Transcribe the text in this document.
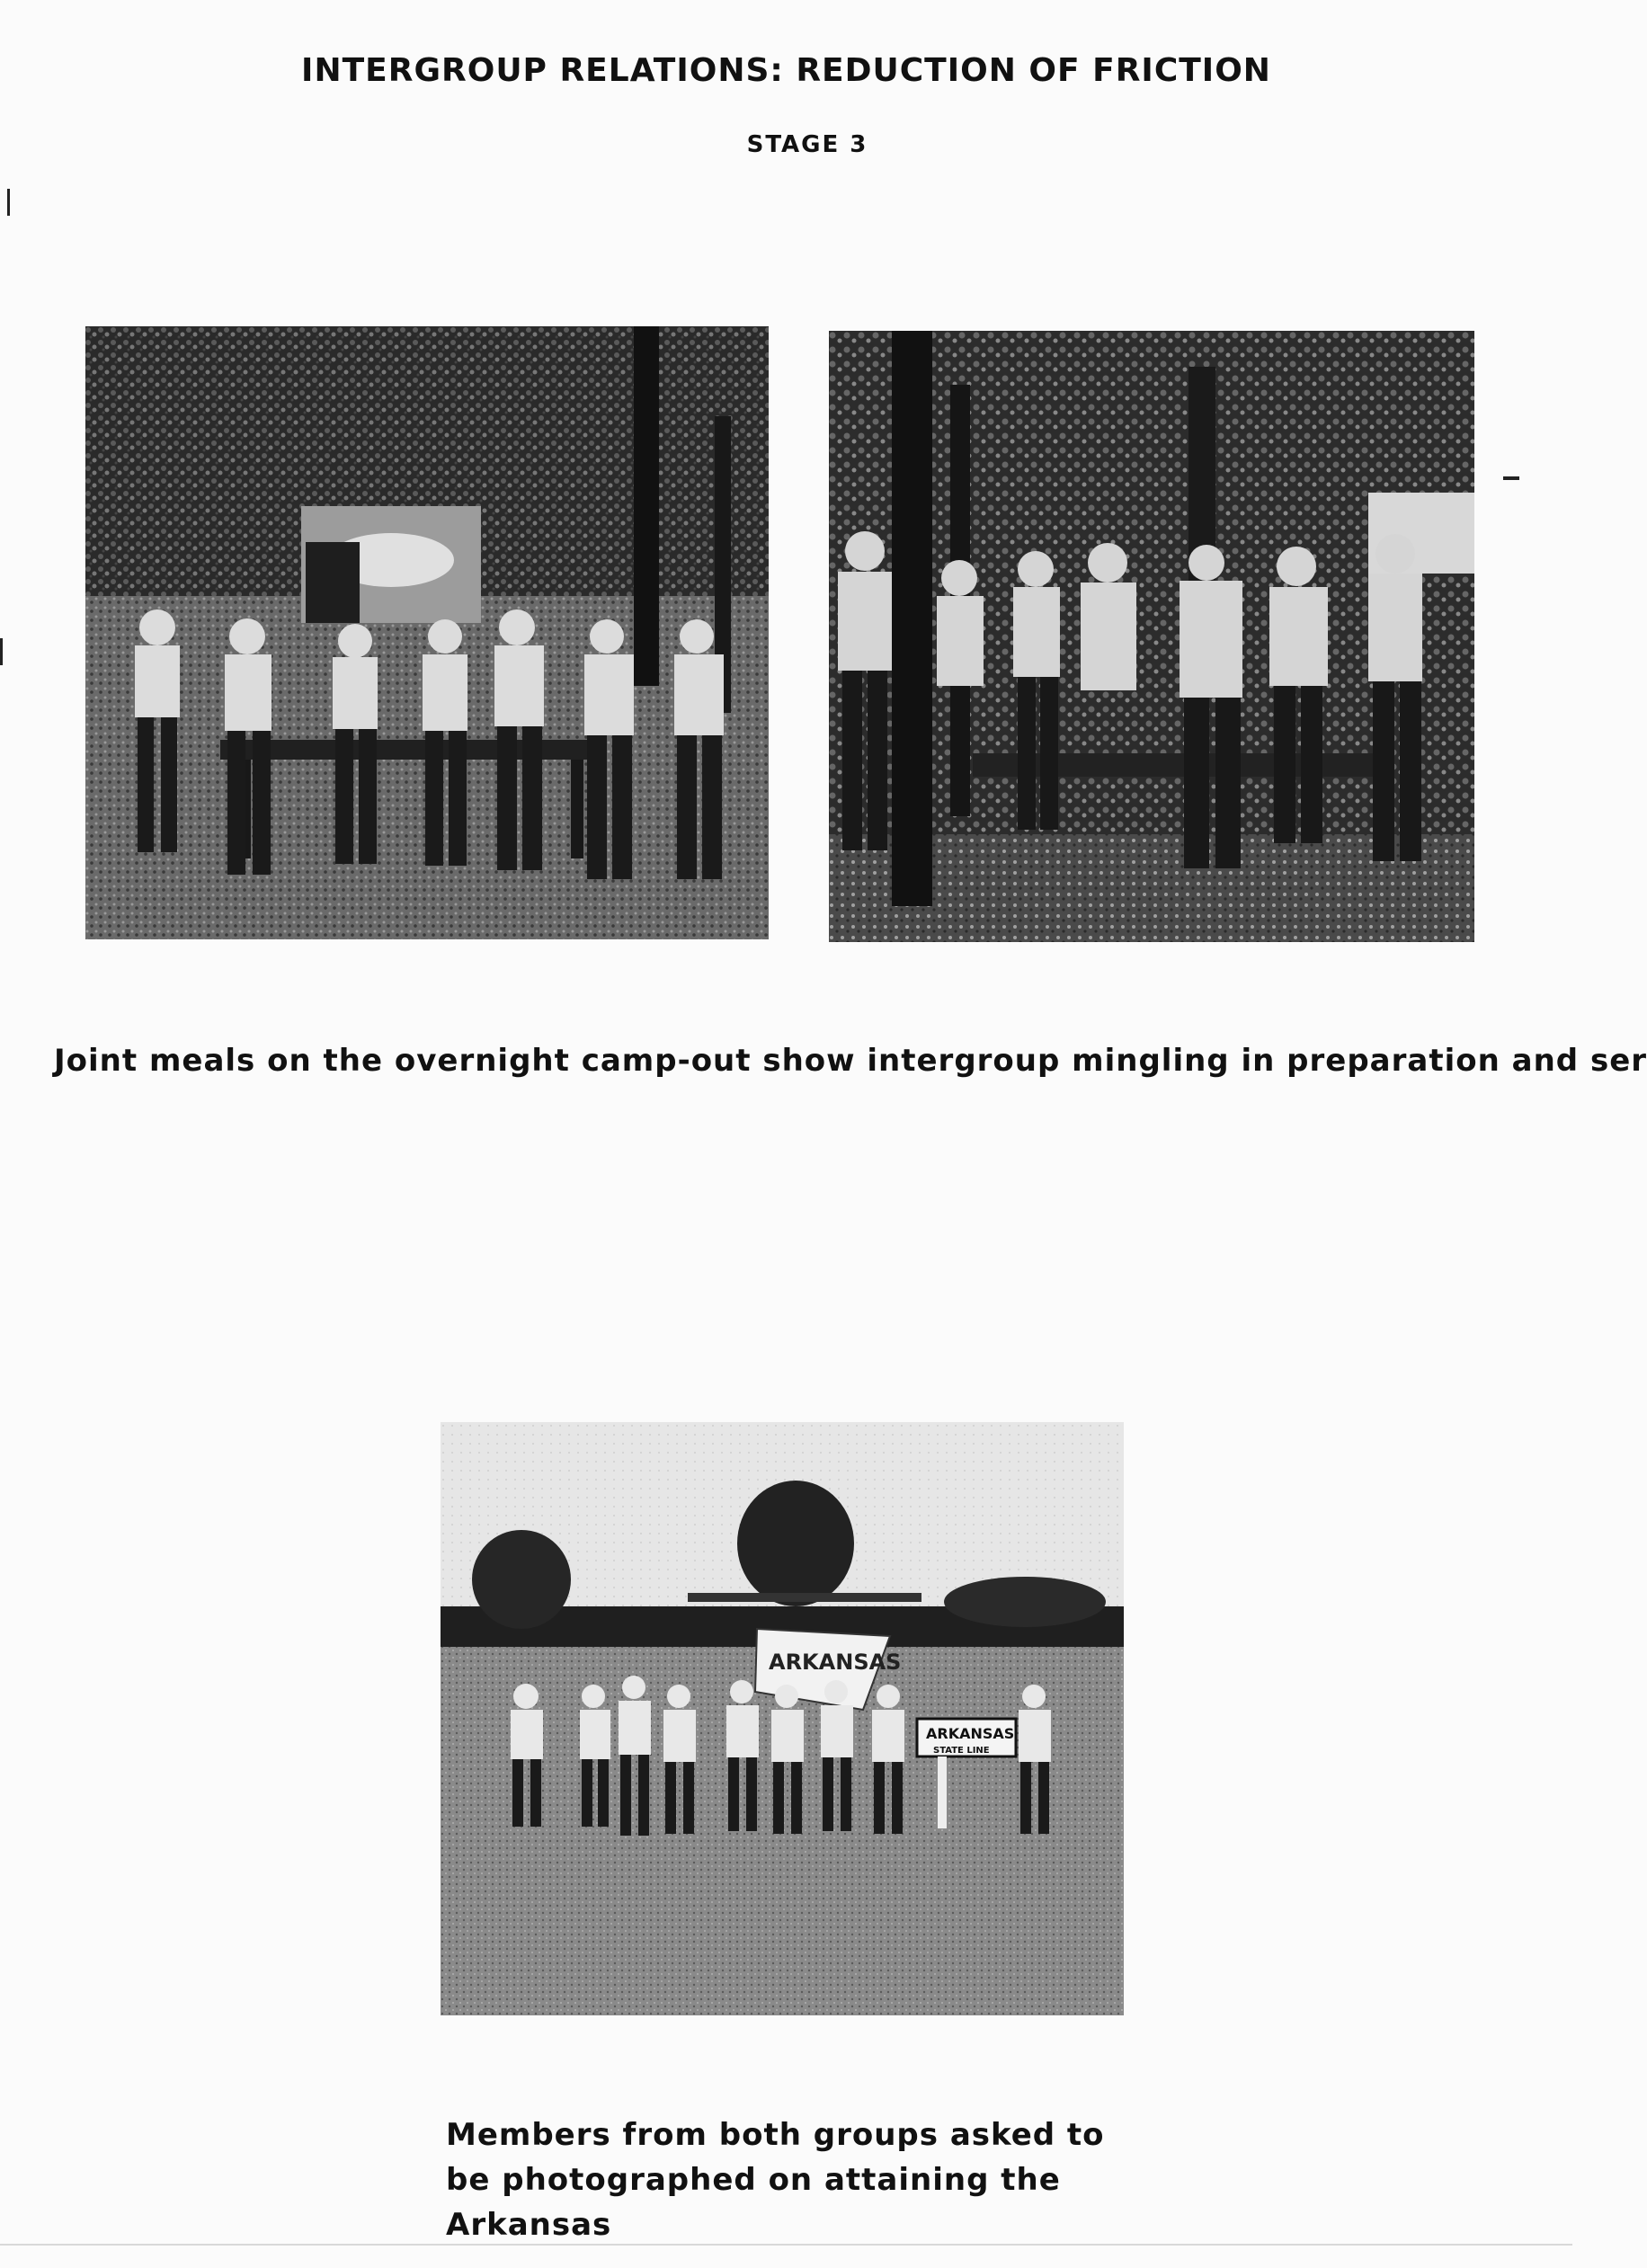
INTERGROUP RELATIONS: REDUCTION OF FRICTION
STAGE 3
Joint meals on the overnight camp-out show intergroup mingling in preparation and ser
ARKANSAS
ARKANSAS
STATE LINE

Members from both groups asked to be photographed on attaining the Arkansas
